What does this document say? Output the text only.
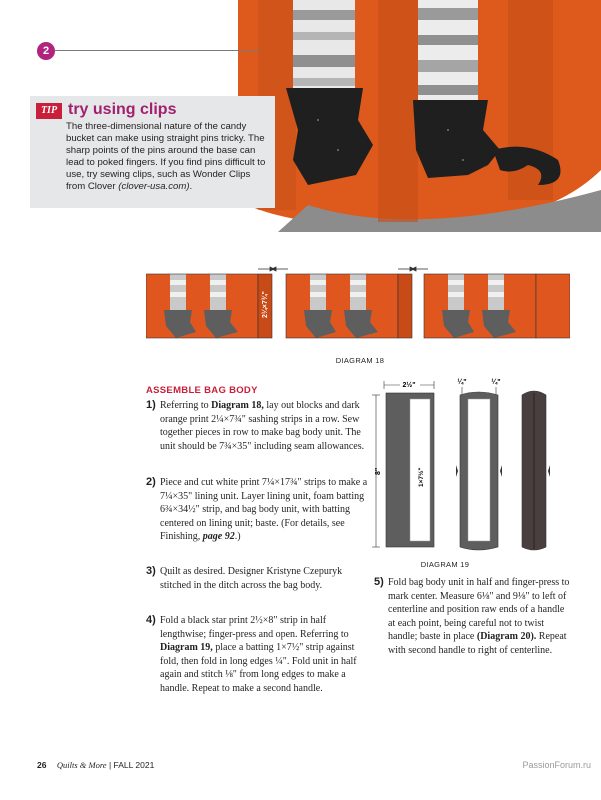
2
TIP try using clips
The three-dimensional nature of the candy bucket can make using straight pins tricky. The sharp points of the pins around the base can lead to poked fingers. If you find pins difficult to use, try sewing clips, such as Wonder Clips from Clover (clover-usa.com).
2¼×7¾"
DIAGRAM 18
ASSEMBLE BAG BODY
1) Referring to Diagram 18, lay out blocks and dark orange print 2¼×7¾" sashing strips in a row. Sew together pieces in row to make bag body unit. The unit should be 7¾×35" including seam allowances.
2) Piece and cut white print 7¼×17¾" strips to make a 7¼×35" lining unit. Layer lining unit, foam batting 6¾×34½" strip, and bag body unit, with batting centered on lining unit; baste. (For details, see Finishing, page 92.)
3) Quilt as desired. Designer Kristyne Czepuryk stitched in the ditch across the bag body.
4) Fold a black star print 2½×8" strip in half lengthwise; finger-press and open. Referring to Diagram 19, place a batting 1×7½" strip against fold, then fold in long edges ¼". Fold unit in half again and stitch ⅛" from long edges to make a handle. Repeat to make a second handle.
2½"
8"	1×7½"
¼"	¼"
DIAGRAM 19
5) Fold bag body unit in half and finger-press to mark center. Measure 6⅛" and 9⅛" to left of centerline and position raw ends of a handle at each point, being careful not to twist handle; baste in place (Diagram 20). Repeat with second handle to right of centerline.
26 Quilts & More | FALL 2021	PassionForum.ru
